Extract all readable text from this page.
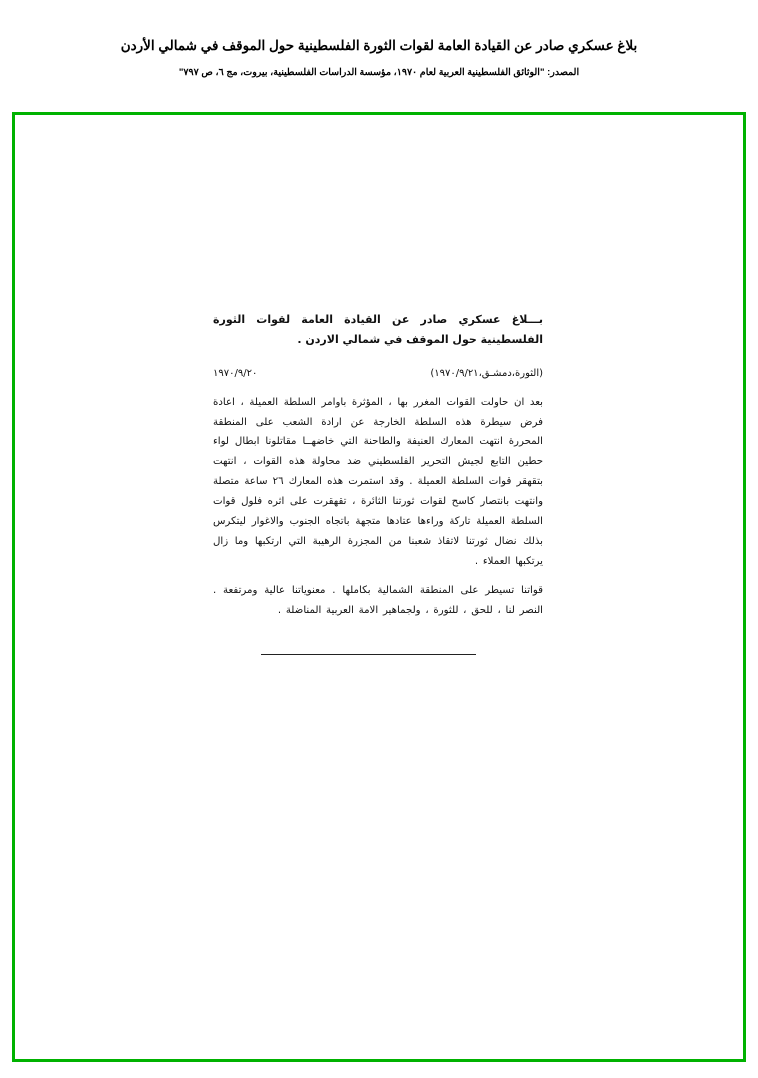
بلاغ عسكري صادر عن القيادة العامة لقوات الثورة الفلسطينية حول الموقف في شمالي الأردن
المصدر: "الوثائق الفلسطينية العربية لعام ١٩٧٠، مؤسسة الدراسات الفلسطينية، بيروت، مج ٦، ص ٧٩٧"
بـــلاغ عسكري صادر عن القيادة العامة لقوات الثورة الفلسطينية حول الموقف في شمالي الاردن .
(الثورة،دمشـق،١٩٧٠/٩/٢١)
١٩٧٠/٩/٢٠
بعد ان حاولت القوات المغرر بها ، المؤثرة باوامر السلطة العميلة ، اعادة فرض سيطرة هذه السلطة الخارجة عن ارادة الشعب على المنطقة المحررة انتهت المعارك العنيفة والطاحنة التي خاضهــا مقاتلونا ابطال لواء حطين التابع لجيش التحرير الفلسطيني ضد محاولة هذه القوات ، انتهت بتقهقر قوات السلطة العميلة . وقد استمرت هذه المعارك ٢٦ ساعة متصلة وانتهت بانتصار كاسح لقوات ثورتنا الثائرة ، تقهقرت على اثره فلول قوات السلطة العميلة تاركة وراءها عتادها متجهة باتجاه الجنوب والاغوار ليتكرس بذلك نضال ثورتنا لاتقاذ شعبنا من المجزرة الرهيبة التي ارتكبها وما زال يرتكبها العملاء .
قواتنا تسيطر على المنطقة الشمالية بكاملها . معنوياتنا عالية ومرتفعة . النصر لنا ، للحق ، للثورة ، ولجماهير الامة العربية المناضلة .
